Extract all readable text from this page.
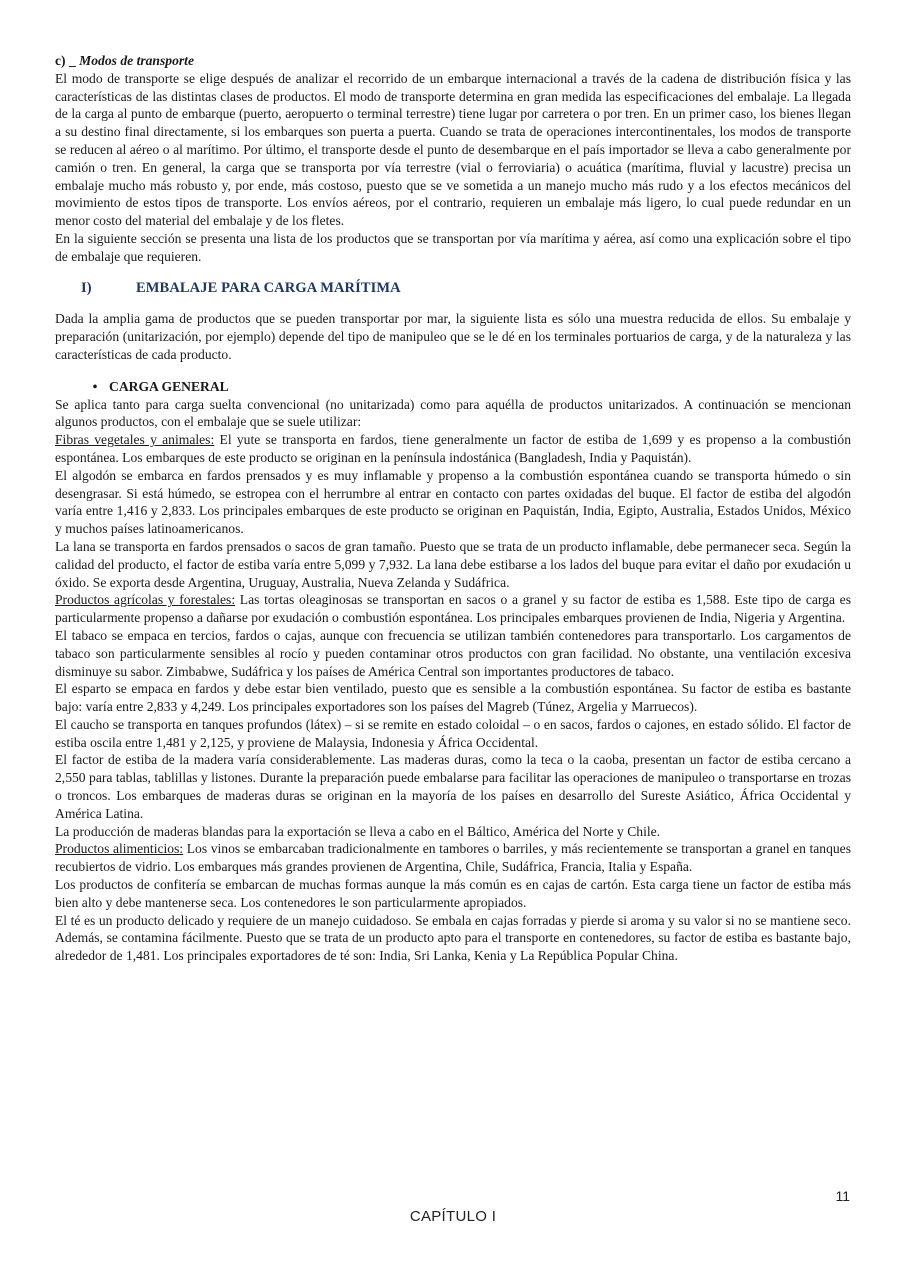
c) _ Modos de transporte

El modo de transporte se elige después de analizar el recorrido de un embarque internacional a través de la cadena de distribución física y las características de las distintas clases de productos. El modo de transporte determina en gran medida las especificaciones del embalaje. La llegada de la carga al punto de embarque (puerto, aeropuerto o terminal terrestre) tiene lugar por carretera o por tren. En un primer caso, los bienes llegan a su destino final directamente, si los embarques son puerta a puerta. Cuando se trata de operaciones intercontinentales, los modos de transporte se reducen al aéreo o al marítimo. Por último, el transporte desde el punto de desembarque en el país importador se lleva a cabo generalmente por camión o tren. En general, la carga que se transporta por vía terrestre (vial o ferroviaria) o acuática (marítima, fluvial y lacustre) precisa un embalaje mucho más robusto y, por ende, más costoso, puesto que se ve sometida a un manejo mucho más rudo y a los efectos mecánicos del movimiento de estos tipos de transporte. Los envíos aéreos, por el contrario, requieren un embalaje más ligero, lo cual puede redundar en un menor costo del material del embalaje y de los fletes.

En la siguiente sección se presenta una lista de los productos que se transportan por vía marítima y aérea, así como una explicación sobre el tipo de embalaje que requieren.

I)	EMBALAJE PARA CARGA MARÍTIMA

Dada la amplia gama de productos que se pueden transportar por mar, la siguiente lista es sólo una muestra reducida de ellos. Su embalaje y preparación (unitarización, por ejemplo) depende del tipo de manipuleo que se le dé en los terminales portuarios de carga, y de la naturaleza y las características de cada producto.

• CARGA GENERAL

Se aplica tanto para carga suelta convencional (no unitarizada) como para aquélla de productos unitarizados. A continuación se mencionan algunos productos, con el embalaje que se suele utilizar:

Fibras vegetales y animales: El yute se transporta en fardos, tiene generalmente un factor de estiba de 1,699 y es propenso a la combustión espontánea. Los embarques de este producto se originan en la península indostánica (Bangladesh, India y Paquistán).

El algodón se embarca en fardos prensados y es muy inflamable y propenso a la combustión espontánea cuando se transporta húmedo o sin desengrasar. Si está húmedo, se estropea con el herrumbre al entrar en contacto con partes oxidadas del buque. El factor de estiba del algodón varía entre 1,416 y 2,833. Los principales embarques de este producto se originan en Paquistán, India, Egipto, Australia, Estados Unidos, México y muchos países latinoamericanos.

La lana se transporta en fardos prensados o sacos de gran tamaño. Puesto que se trata de un producto inflamable, debe permanecer seca. Según la calidad del producto, el factor de estiba varía entre 5,099 y 7,932. La lana debe estibarse a los lados del buque para evitar el daño por exudación u óxido. Se exporta desde Argentina, Uruguay, Australia, Nueva Zelanda y Sudáfrica.

Productos agrícolas y forestales: Las tortas oleaginosas se transportan en sacos o a granel y su factor de estiba es 1,588. Este tipo de carga es particularmente propenso a dañarse por exudación o combustión espontánea. Los principales embarques provienen de India, Nigeria y Argentina.

El tabaco se empaca en tercios, fardos o cajas, aunque con frecuencia se utilizan también contenedores para transportarlo. Los cargamentos de tabaco son particularmente sensibles al rocío y pueden contaminar otros productos con gran facilidad. No obstante, una ventilación excesiva disminuye su sabor. Zimbabwe, Sudáfrica y los países de América Central son importantes productores de tabaco.

El esparto se empaca en fardos y debe estar bien ventilado, puesto que es sensible a la combustión espontánea. Su factor de estiba es bastante bajo: varía entre 2,833 y 4,249. Los principales exportadores son los países del Magreb (Túnez, Argelia y Marruecos).

El caucho se transporta en tanques profundos (látex) – si se remite en estado coloidal – o en sacos, fardos o cajones, en estado sólido. El factor de estiba oscila entre 1,481 y 2,125, y proviene de Malaysia, Indonesia y África Occidental.

El factor de estiba de la madera varía considerablemente. Las maderas duras, como la teca o la caoba, presentan un factor de estiba cercano a 2,550 para tablas, tablillas y listones. Durante la preparación puede embalarse para facilitar las operaciones de manipuleo o transportarse en trozas o troncos. Los embarques de maderas duras se originan en la mayoría de los países en desarrollo del Sureste Asiático, África Occidental y América Latina.

La producción de maderas blandas para la exportación se lleva a cabo en el Báltico, América del Norte y Chile.

Productos alimenticios: Los vinos se embarcaban tradicionalmente en tambores o barriles, y más recientemente se transportan a granel en tanques recubiertos de vidrio. Los embarques más grandes provienen de Argentina, Chile, Sudáfrica, Francia, Italia y España.

Los productos de confitería se embarcan de muchas formas aunque la más común es en cajas de cartón. Esta carga tiene un factor de estiba más bien alto y debe mantenerse seca. Los contenedores le son particularmente apropiados.

El té es un producto delicado y requiere de un manejo cuidadoso. Se embala en cajas forradas y pierde si aroma y su valor si no se mantiene seco. Además, se contamina fácilmente. Puesto que se trata de un producto apto para el transporte en contenedores, su factor de estiba es bastante bajo, alrededor de 1,481. Los principales exportadores de té son: India, Sri Lanka, Kenia y La República Popular China.

11
CAPÍTULO I
